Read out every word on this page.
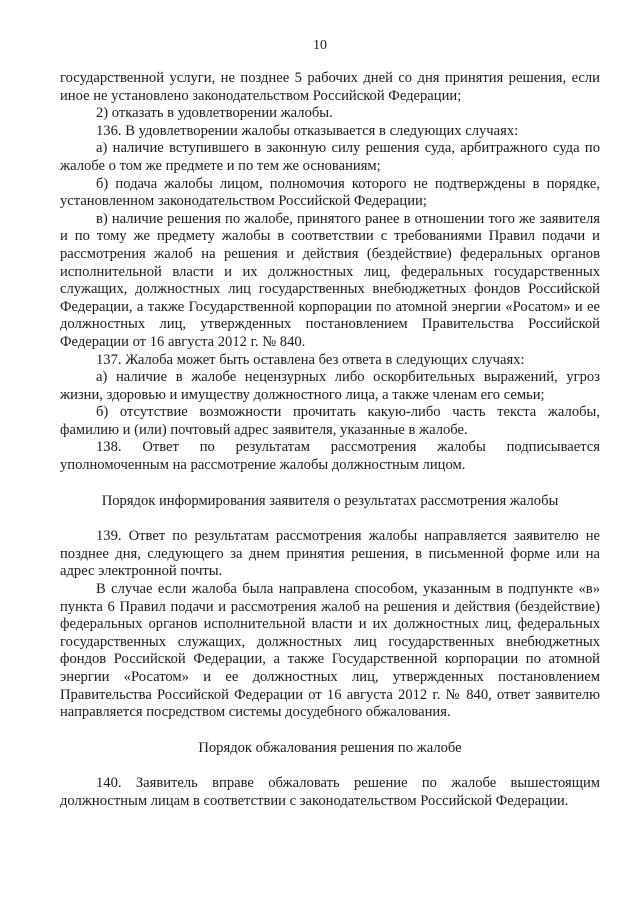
10

государственной услуги, не позднее 5 рабочих дней со дня принятия решения, если иное не установлено законодательством Российской Федерации;

2) отказать в удовлетворении жалобы.

136. В удовлетворении жалобы отказывается в следующих случаях:

а) наличие вступившего в законную силу решения суда, арбитражного суда по жалобе о том же предмете и по тем же основаниям;

б) подача жалобы лицом, полномочия которого не подтверждены в порядке, установленном законодательством Российской Федерации;

в) наличие решения по жалобе, принятого ранее в отношении того же заявителя и по тому же предмету жалобы в соответствии с требованиями Правил подачи и рассмотрения жалоб на решения и действия (бездействие) федеральных органов исполнительной власти и их должностных лиц, федеральных государственных служащих, должностных лиц государственных внебюджетных фондов Российской Федерации, а также Государственной корпорации по атомной энергии «Росатом» и ее должностных лиц, утвержденных постановлением Правительства Российской Федерации от 16 августа 2012 г. № 840.

137. Жалоба может быть оставлена без ответа в следующих случаях:

а) наличие в жалобе нецензурных либо оскорбительных выражений, угроз жизни, здоровью и имуществу должностного лица, а также членам его семьи;

б) отсутствие возможности прочитать какую-либо часть текста жалобы, фамилию и (или) почтовый адрес заявителя, указанные в жалобе.

138. Ответ по результатам рассмотрения жалобы подписывается уполномоченным на рассмотрение жалобы должностным лицом.

Порядок информирования заявителя о результатах рассмотрения жалобы

139. Ответ по результатам рассмотрения жалобы направляется заявителю не позднее дня, следующего за днем принятия решения, в письменной форме или на адрес электронной почты.

В случае если жалоба была направлена способом, указанным в подпункте «в» пункта 6 Правил подачи и рассмотрения жалоб на решения и действия (бездействие) федеральных органов исполнительной власти и их должностных лиц, федеральных государственных служащих, должностных лиц государственных внебюджетных фондов Российской Федерации, а также Государственной корпорации по атомной энергии «Росатом» и ее должностных лиц, утвержденных постановлением Правительства Российской Федерации от 16 августа 2012 г. № 840, ответ заявителю направляется посредством системы досудебного обжалования.

Порядок обжалования решения по жалобе

140. Заявитель вправе обжаловать решение по жалобе вышестоящим должностным лицам в соответствии с законодательством Российской Федерации.
